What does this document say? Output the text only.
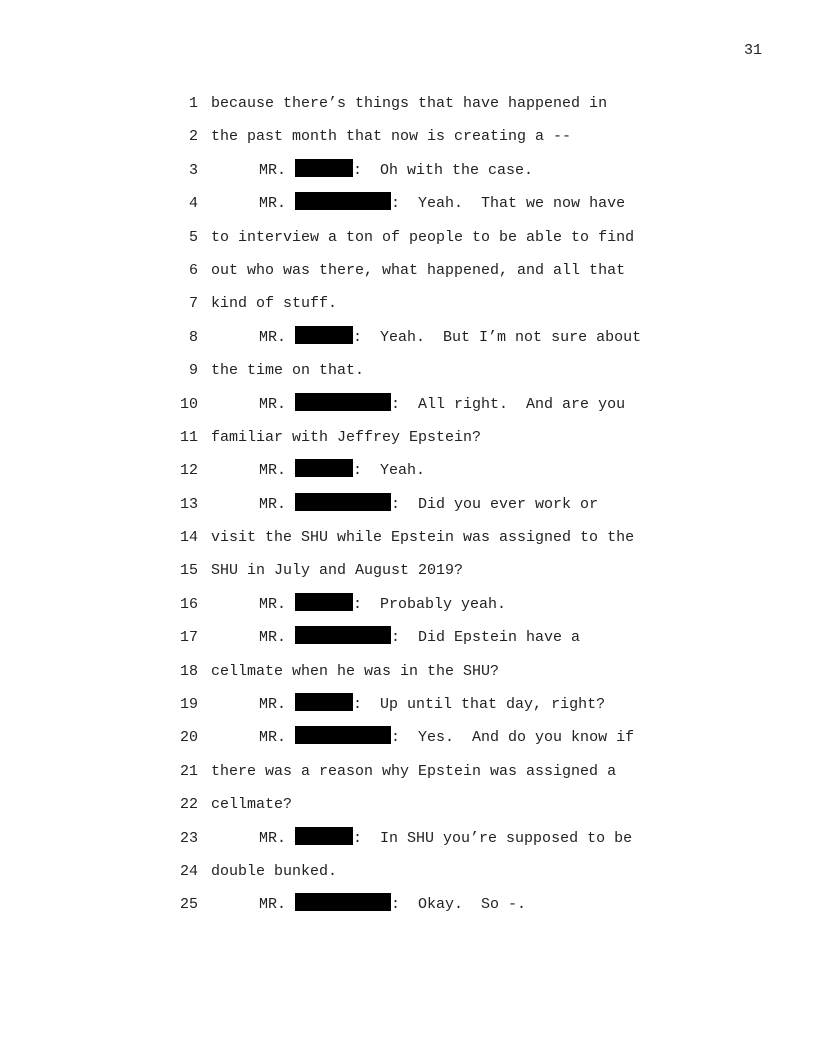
31
1 because there’s things that have happened in
2 the past month that now is creating a --
3	MR.	:  Oh with the case.
4	MR.	:  Yeah.  That we now have
5 to interview a ton of people to be able to find
6 out who was there, what happened, and all that
7 kind of stuff.
8	MR.	:  Yeah.  But I’m not sure about
9 the time on that.
10	MR.	:  All right.  And are you
11 familiar with Jeffrey Epstein?
12	MR.	:  Yeah.
13	MR.	:  Did you ever work or
14 visit the SHU while Epstein was assigned to the
15 SHU in July and August 2019?
16	MR.	:  Probably yeah.
17	MR.	:  Did Epstein have a
18 cellmate when he was in the SHU?
19	MR.	:  Up until that day, right?
20	MR.	:  Yes.  And do you know if
21 there was a reason why Epstein was assigned a
22 cellmate?
23	MR.	:  In SHU you’re supposed to be
24 double bunked.
25	MR.	:  Okay.  So -.
